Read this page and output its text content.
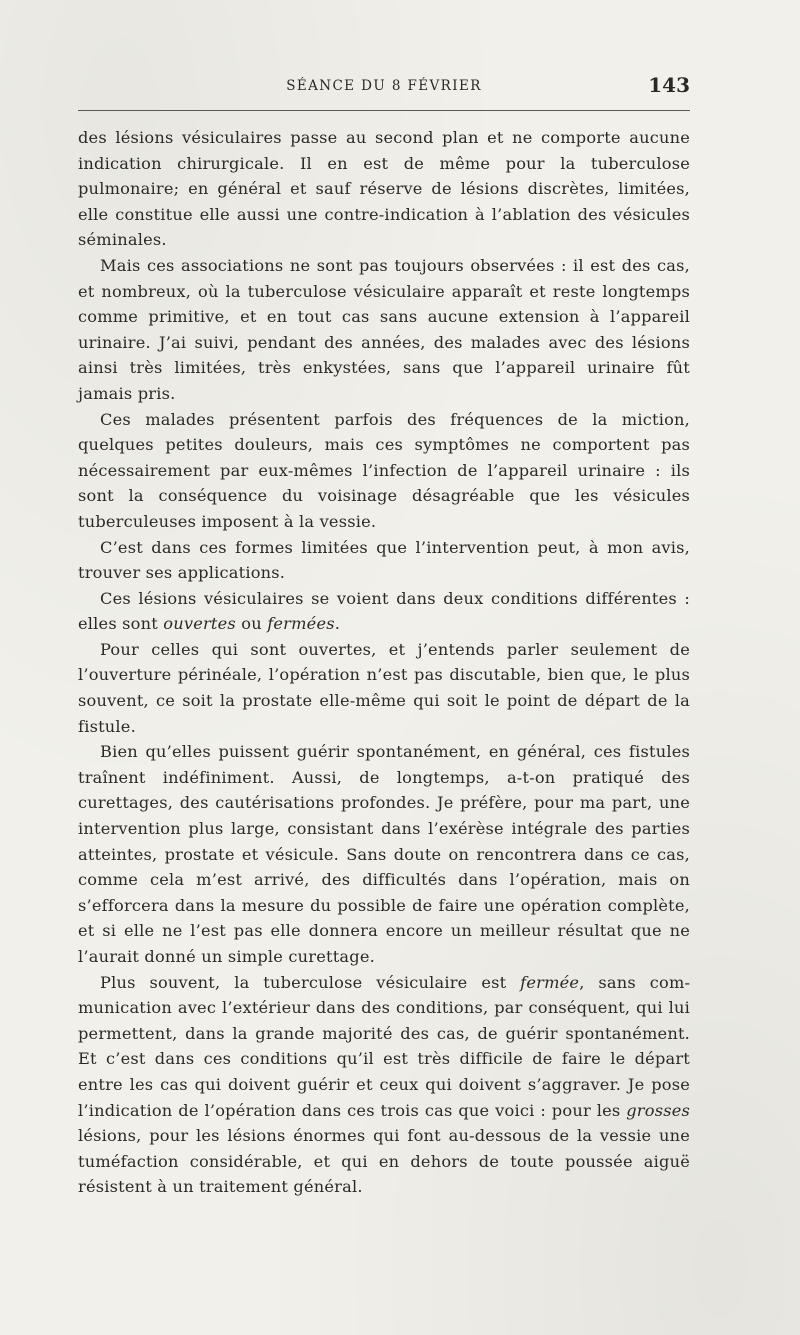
SÉANCE DU 8 FÉVRIER	143

des lésions vésiculaires passe au second plan et ne comporte aucune indication chirurgicale. Il en est de même pour la tuberculose pulmonaire; en général et sauf réserve de lésions discrètes, limitées, elle constitue elle aussi une contre-indication à l’ablation des vésicules séminales.

Mais ces associations ne sont pas toujours observées : il est des cas, et nombreux, où la tuberculose vésiculaire apparaît et reste longtemps comme primitive, et en tout cas sans aucune extension à l’appareil urinaire. J’ai suivi, pendant des années, des malades avec des lésions ainsi très limitées, très enkystées, sans que l’appareil urinaire fût jamais pris.

Ces malades présentent parfois des fréquences de la miction, quelques petites douleurs, mais ces symptômes ne comportent pas nécessairement par eux-mêmes l’infection de l’appareil urinaire : ils sont la conséquence du voisinage désagréable que les vésicules tuberculeuses imposent à la vessie.

C’est dans ces formes limitées que l’intervention peut, à mon avis, trouver ses applications.

Ces lésions vésiculaires se voient dans deux conditions différentes : elles sont ouvertes ou fermées.

Pour celles qui sont ouvertes, et j’entends parler seulement de l’ouverture périnéale, l’opération n’est pas discutable, bien que, le plus souvent, ce soit la prostate elle-même qui soit le point de départ de la fistule.

Bien qu’elles puissent guérir spontanément, en général, ces fistules traînent indéfiniment. Aussi, de longtemps, a-t-on pratiqué des curettages, des cautérisations profondes. Je préfère, pour ma part, une intervention plus large, consistant dans l’exérèse intégrale des parties atteintes, prostate et vésicule. Sans doute on rencontrera dans ce cas, comme cela m’est arrivé, des difficultés dans l’opération, mais on s’efforcera dans la mesure du possible de faire une opération complète, et si elle ne l’est pas elle donnera encore un meilleur résultat que ne l’aurait donné un simple curettage.

Plus souvent, la tuberculose vésiculaire est fermée, sans communication avec l’extérieur dans des conditions, par conséquent, qui lui permettent, dans la grande majorité des cas, de guérir spontanément. Et c’est dans ces conditions qu’il est très difficile de faire le départ entre les cas qui doivent guérir et ceux qui doivent s’aggraver. Je pose l’indication de l’opération dans ces trois cas que voici : pour les grosses lésions, pour les lésions énormes qui font au-dessous de la vessie une tuméfaction considérable, et qui en dehors de toute poussée aiguë résistent à un traitement général.
